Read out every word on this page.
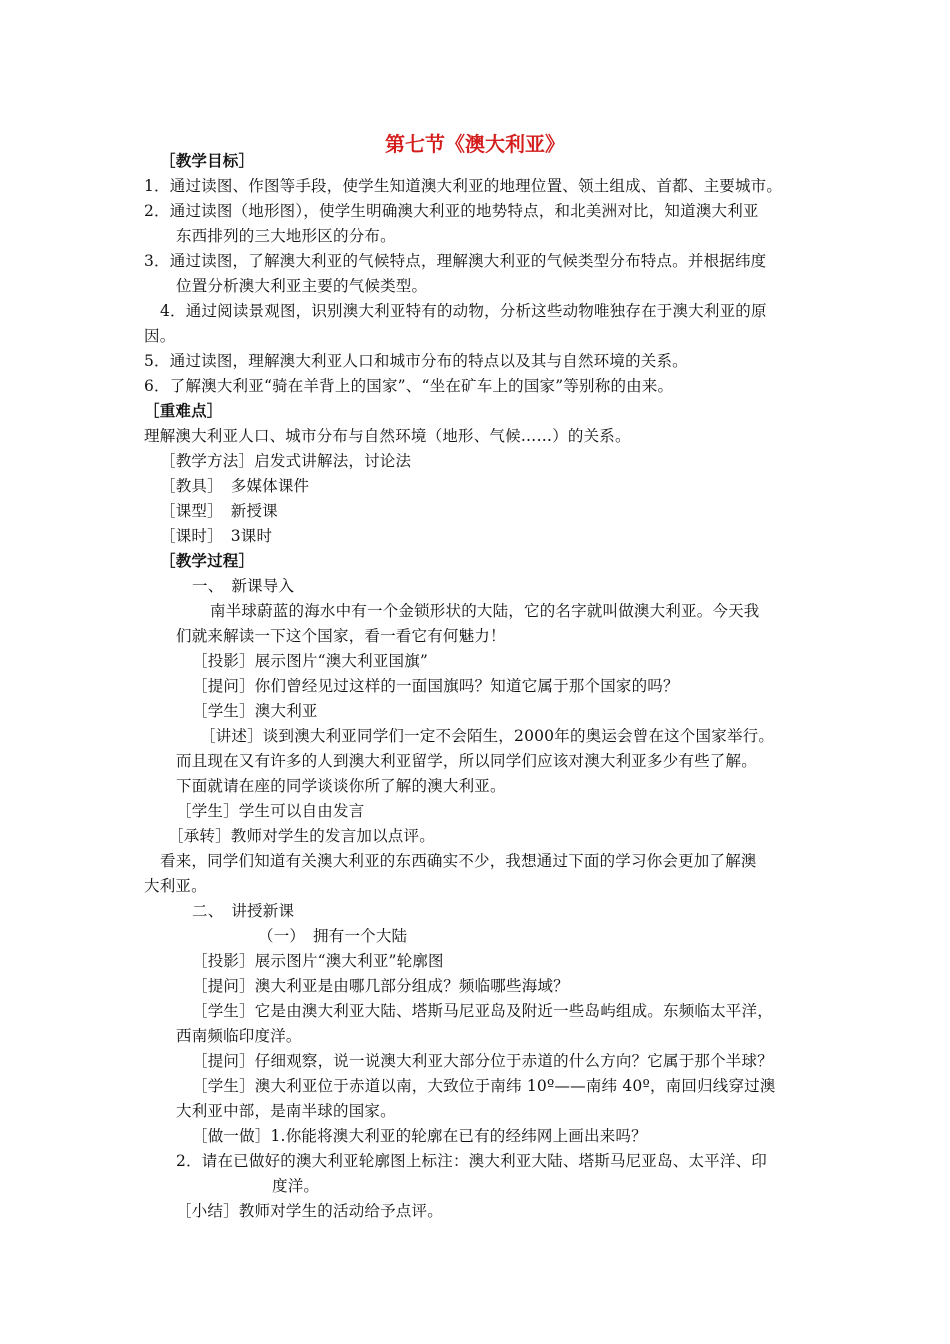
第七节《澳大利亚》
［教学目标］
1．通过读图、作图等手段，使学生知道澳大利亚的地理位置、领土组成、首都、主要城市。
2．通过读图（地形图），使学生明确澳大利亚的地势特点，和北美洲对比，知道澳大利亚
东西排列的三大地形区的分布。
3．通过读图，了解澳大利亚的气候特点，理解澳大利亚的气候类型分布特点。并根据纬度
位置分析澳大利亚主要的气候类型。
4．通过阅读景观图，识别澳大利亚特有的动物，分析这些动物唯独存在于澳大利亚的原
因。
5．通过读图，理解澳大利亚人口和城市分布的特点以及其与自然环境的关系。
6．了解澳大利亚“骑在羊背上的国家”、“坐在矿车上的国家”等别称的由来。
［重难点］
理解澳大利亚人口、城市分布与自然环境（地形、气候……）的关系。
［教学方法］启发式讲解法，讨论法
［教具］　多媒体课件
［课型］　新授课
［课时］　3课时
［教学过程］
一、　新课导入
南半球蔚蓝的海水中有一个金锁形状的大陆，它的名字就叫做澳大利亚。今天我
们就来解读一下这个国家，看一看它有何魅力！
［投影］展示图片“澳大利亚国旗”
［提问］你们曾经见过这样的一面国旗吗？知道它属于那个国家的吗？
［学生］澳大利亚
［讲述］谈到澳大利亚同学们一定不会陌生，2000年的奥运会曾在这个国家举行。
而且现在又有许多的人到澳大利亚留学，所以同学们应该对澳大利亚多少有些了解。
下面就请在座的同学谈谈你所了解的澳大利亚。
［学生］学生可以自由发言
［承转］教师对学生的发言加以点评。
看来，同学们知道有关澳大利亚的东西确实不少，我想通过下面的学习你会更加了解澳
大利亚。
二、　讲授新课
（一）　拥有一个大陆
［投影］展示图片“澳大利亚”轮廓图
［提问］澳大利亚是由哪几部分组成？频临哪些海域？
［学生］它是由澳大利亚大陆、塔斯马尼亚岛及附近一些岛屿组成。东频临太平洋，
西南频临印度洋。
［提问］仔细观察，说一说澳大利亚大部分位于赤道的什么方向？它属于那个半球？
［学生］澳大利亚位于赤道以南，大致位于南纬 10º——南纬 40º，南回归线穿过澳
大利亚中部，是南半球的国家。
［做一做］1.你能将澳大利亚的轮廓在已有的经纬网上画出来吗？
2．请在已做好的澳大利亚轮廓图上标注：澳大利亚大陆、塔斯马尼亚岛、太平洋、印
度洋。
［小结］教师对学生的活动给予点评。
